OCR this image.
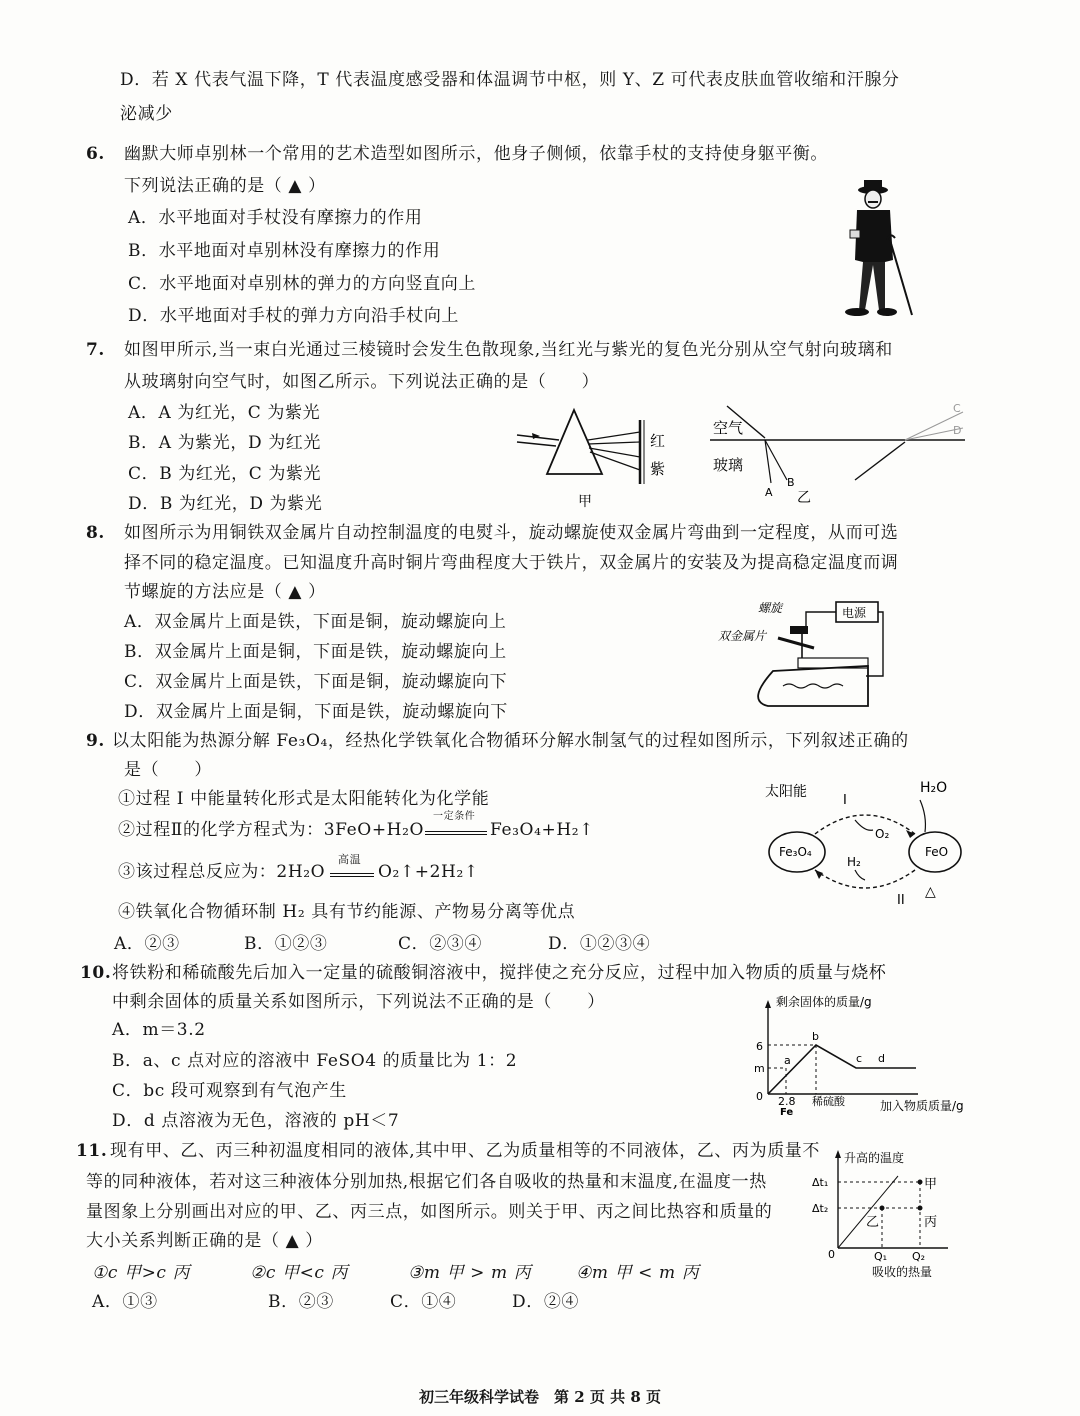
D．若 X 代表气温下降，T 代表温度感受器和体温调节中枢，则 Y、Z 可代表皮肤血管收缩和汗腺分
泌减少
6. 幽默大师卓别林一个常用的艺术造型如图所示，他身子侧倾，依靠手杖的支持使身躯平衡。
下列说法正确的是（ ▲ ）
A．水平地面对手杖没有摩擦力的作用
B．水平地面对卓别林没有摩擦力的作用
C．水平地面对卓别林的弹力的方向竖直向上
D．水平地面对手杖的弹力方向沿手杖向上
7. 如图甲所示,当一束白光通过三棱镜时会发生色散现象,当红光与紫光的复色光分别从空气射向玻璃和
从玻璃射向空气时，如图乙所示。下列说法正确的是（　　）
A．A 为红光，C 为紫光
B．A 为紫光，D 为红光
C．B 为红光，C 为紫光
D．B 为红光，D 为紫光
红
紫
甲
空气
玻璃
A
B
C
D
乙
8. 如图所示为用铜铁双金属片自动控制温度的电熨斗，旋动螺旋使双金属片弯曲到一定程度，从而可选
择不同的稳定温度。已知温度升高时铜片弯曲程度大于铁片，双金属片的安装及为提高稳定温度而调
节螺旋的方法应是（ ▲ ）
A．双金属片上面是铁，下面是铜，旋动螺旋向上
B．双金属片上面是铜，下面是铁，旋动螺旋向上
C．双金属片上面是铁，下面是铜，旋动螺旋向下
D．双金属片上面是铜，下面是铁，旋动螺旋向下
螺旋
双金属片
电源
9. 以太阳能为热源分解 Fe₃O₄，经热化学铁氧化合物循环分解水制氢气的过程如图所示，下列叙述正确的
是（　　）
①过程 I 中能量转化形式是太阳能转化为化学能
②过程Ⅱ的化学方程式为：3FeO+H₂O
一定条件
Fe₃O₄+H₂↑
③该过程总反应为：2H₂O
高温
O₂↑+2H₂↑
④铁氧化合物循环制 H₂ 具有节约能源、产物易分离等优点
A．②③	B．①②③	C．②③④	D．①②③④
太阳能	H₂O
I
Fe₃O₄	FeO
O₂
H₂
II
△
10. 将铁粉和稀硫酸先后加入一定量的硫酸铜溶液中，搅拌使之充分反应，过程中加入物质的质量与烧杯
中剩余固体的质量关系如图所示，下列说法不正确的是（　　）
A．m＝3.2
B．a、c 点对应的溶液中 FeSO4 的质量比为 1：2
C．bc 段可观察到有气泡产生
D．d 点溶液为无色，溶液的 pH＜7
剩余固体的质量/g
加入物质质量/g
0 2.8
Fe
稀硫酸
6
m
a
b
c d
11. 现有甲、乙、丙三种初温度相同的液体,其中甲、乙为质量相等的不同液体，乙、丙为质量不
等的同种液体，若对这三种液体分别加热,根据它们各自吸收的热量和末温度,在温度一热
量图象上分别画出对应的甲、乙、丙三点，如图所示。则关于甲、丙之间比热容和质量的
大小关系判断正确的是（ ▲ ）
①c 甲>c 丙	②c 甲<c 丙	③m 甲 > m 丙	④m 甲 < m 丙
A．①③	B．②③	C．①④	D．②④
升高的温度
吸收的热量
0	Q₁ Q₂
Δt₁
Δt₂
甲
乙	丙
初三年级科学试卷　第 2 页 共 8 页
